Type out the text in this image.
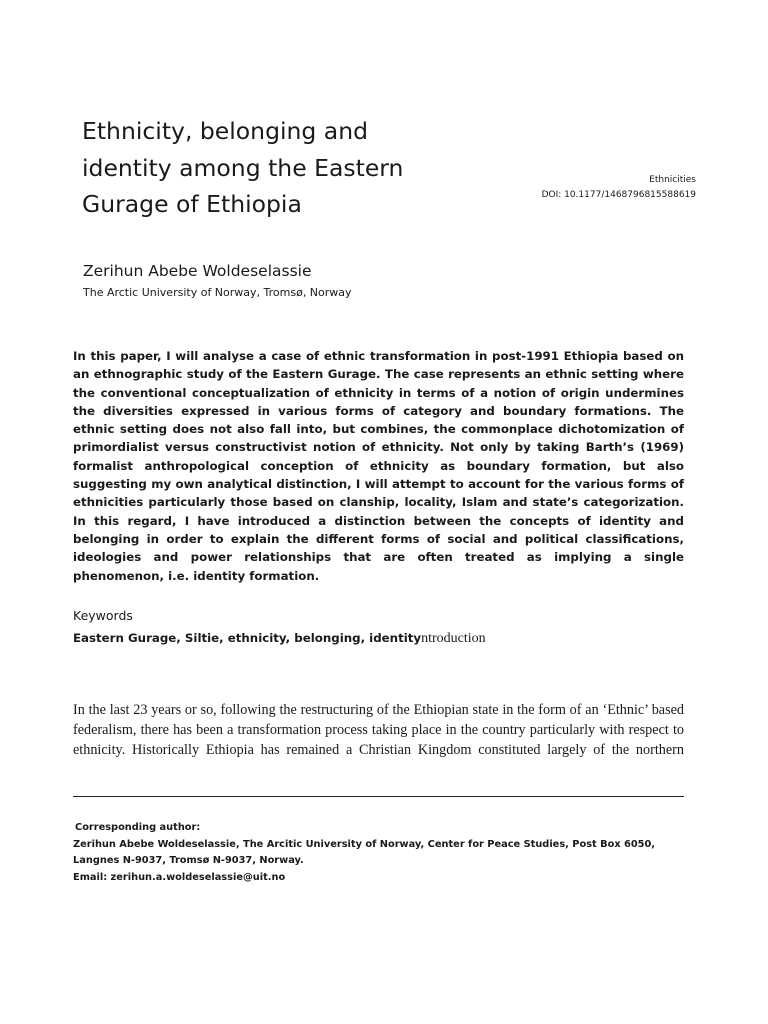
Ethnicity, belonging and identity among the Eastern Gurage of Ethiopia

Zerihun Abebe Woldeselassie

The Arctic University of Norway, Tromsø, Norway

Ethnicities
DOI: 10.1177/1468796815588619

In this paper, I will analyse a case of ethnic transformation in post-1991 Ethiopia based on an ethnographic study of the Eastern Gurage. The case represents an ethnic setting where the conventional conceptualization of ethnicity in terms of a notion of origin undermines the diversities expressed in various forms of category and boundary formations. The ethnic setting does not also fall into, but combines, the commonplace dichotomization of primordialist versus constructivist notion of ethnicity. Not only by taking Barth’s (1969) formalist anthropological conception of ethnicity as boundary formation, but also suggesting my own analytical distinction, I will attempt to account for the various forms of ethnicities particularly those based on clanship, locality, Islam and state’s categorization. In this regard, I have introduced a distinction between the concepts of identity and belonging in order to explain the different forms of social and political classifications, ideologies and power relationships that are often treated as implying a single phenomenon, i.e. identity formation.

Keywords

Eastern Gurage, Siltie, ethnicity, belonging, identityntroduction

In the last 23 years or so, following the restructuring of the Ethiopian state in the form of an ‘Ethnic’ based federalism, there has been a transformation process taking place in the country particularly with respect to ethnicity. Historically Ethiopia has remained a Christian Kingdom constituted largely of the northern

Corresponding author:
Zerihun Abebe Woldeselassie, The Arcitic University of Norway, Center for Peace Studies, Post Box 6050,
Langnes N-9037, Tromsø N-9037, Norway.
Email: zerihun.a.woldeselassie@uit.no
